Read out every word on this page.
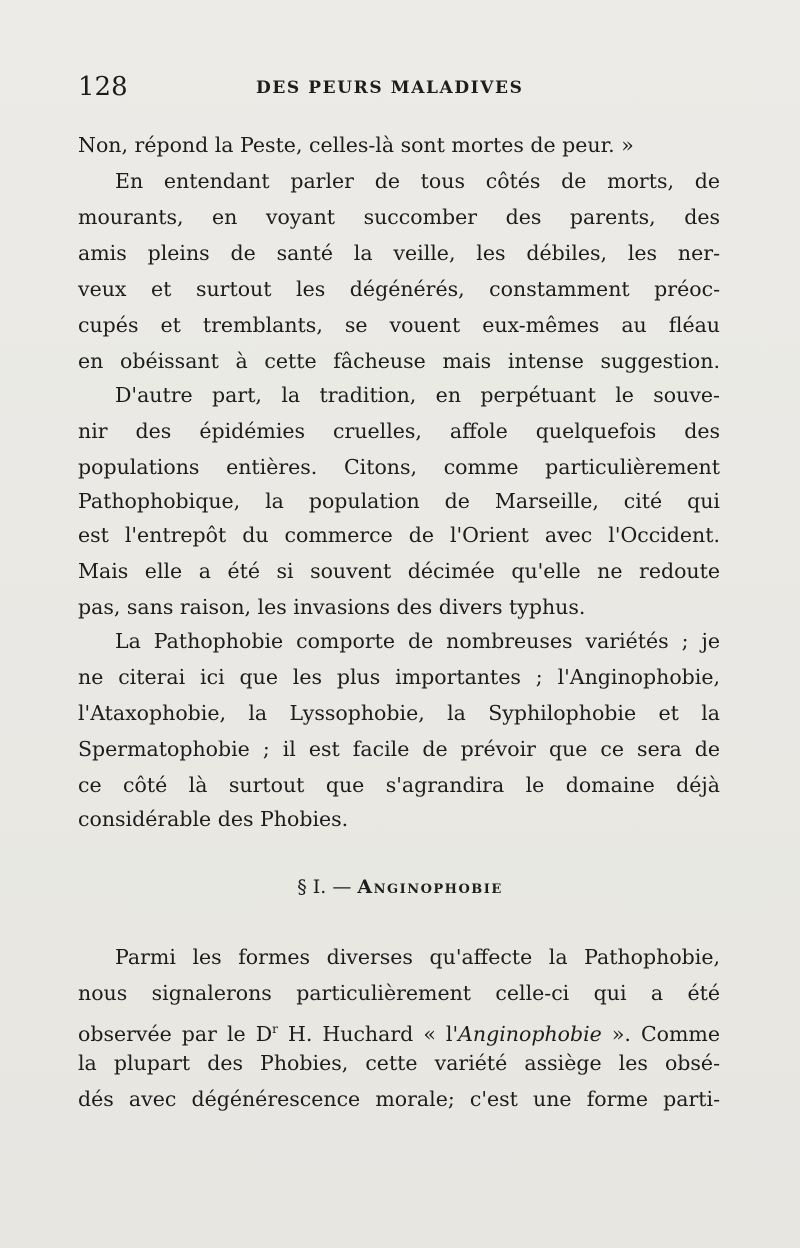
128	DES PEURS MALADIVES
Non, répond la Peste, celles-là sont mortes de peur. »
En entendant parler de tous côtés de morts, de
mourants, en voyant succomber des parents, des
amis pleins de santé la veille, les débiles, les ner-
veux et surtout les dégénérés, constamment préoc-
cupés et tremblants, se vouent eux-mêmes au fléau
en obéissant à cette fâcheuse mais intense suggestion.
D'autre part, la tradition, en perpétuant le souve-
nir des épidémies cruelles, affole quelquefois des
populations entières. Citons, comme particulièrement
Pathophobique, la population de Marseille, cité qui
est l'entrepôt du commerce de l'Orient avec l'Occident.
Mais elle a été si souvent décimée qu'elle ne redoute
pas, sans raison, les invasions des divers typhus.
La Pathophobie comporte de nombreuses variétés ; je
ne citerai ici que les plus importantes ; l'Anginophobie,
l'Ataxophobie, la Lyssophobie, la Syphilophobie et la
Spermatophobie ; il est facile de prévoir que ce sera de
ce côté là surtout que s'agrandira le domaine déjà
considérable des Phobies.
§ I. — Anginophobie
Parmi les formes diverses qu'affecte la Pathophobie,
nous signalerons particulièrement celle-ci qui a été
observée par le $D^r$ H. Huchard « l'Anginophobie ». Comme
la plupart des Phobies, cette variété assiège les obsé-
dés avec dégénérescence morale; c'est une forme parti-
